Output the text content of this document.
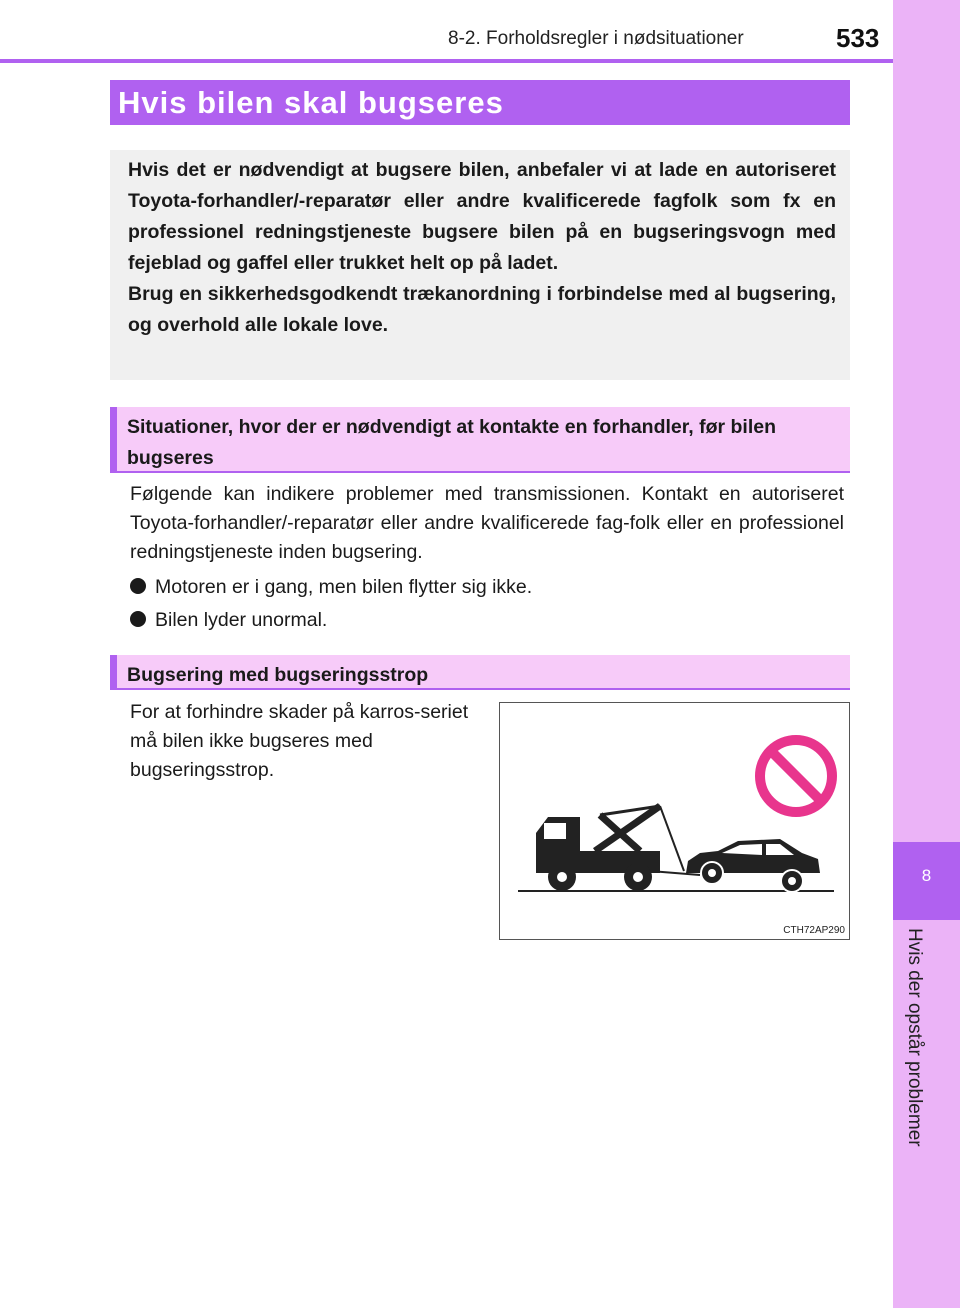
8-2. Forholdsregler i nødsituationer	533
8
Hvis der opstår problemer
Hvis bilen skal bugseres

Hvis det er nødvendigt at bugsere bilen, anbefaler vi at lade en autoriseret Toyota-forhandler/-reparatør eller andre kvalificerede fagfolk som fx en professionel redningstjeneste bugsere bilen på en bugseringsvogn med fejeblad og gaffel eller trukket helt op på ladet.

Brug en sikkerhedsgodkendt trækanordning i forbindelse med al bugsering, og overhold alle lokale love.

Situationer, hvor der er nødvendigt at kontakte en forhandler, før bilen bugseres

Følgende kan indikere problemer med transmissionen. Kontakt en autoriseret Toyota-forhandler/-reparatør eller andre kvalificerede fag-folk eller en professionel redningstjeneste inden bugsering.

Motoren er i gang, men bilen flytter sig ikke.
Bilen lyder unormal.
Bugsering med bugseringsstrop

For at forhindre skader på karros-seriet må bilen ikke bugseres med bugseringsstrop.

CTH72AP290
